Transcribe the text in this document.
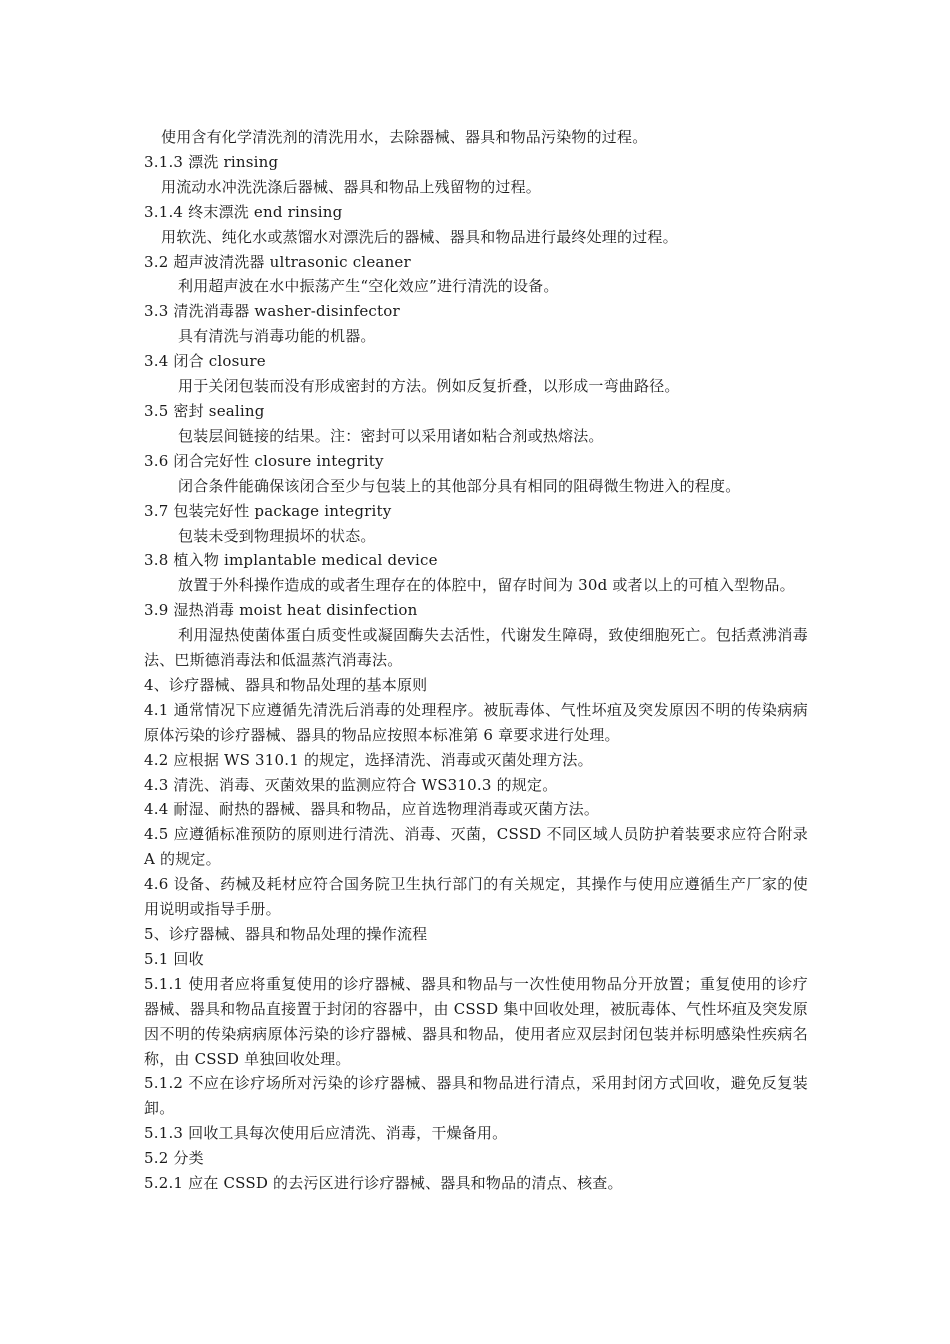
使用含有化学清洗剂的清洗用水，去除器械、器具和物品污染物的过程。

3.1.3 漂洗 rinsing

用流动水冲洗洗涤后器械、器具和物品上残留物的过程。

3.1.4 终末漂洗 end rinsing

用软洗、纯化水或蒸馏水对漂洗后的器械、器具和物品进行最终处理的过程。

3.2 超声波清洗器 ultrasonic cleaner

利用超声波在水中振荡产生“空化效应”进行清洗的设备。

3.3 清洗消毒器 washer-disinfector

具有清洗与消毒功能的机器。

3.4 闭合 closure

用于关闭包装而没有形成密封的方法。例如反复折叠，以形成一弯曲路径。

3.5 密封 sealing

包装层间链接的结果。注：密封可以采用诸如粘合剂或热熔法。

3.6 闭合完好性 closure integrity

闭合条件能确保该闭合至少与包装上的其他部分具有相同的阻碍微生物进入的程度。

3.7 包装完好性 package integrity

包装未受到物理损坏的状态。

3.8 植入物 implantable medical device

放置于外科操作造成的或者生理存在的体腔中，留存时间为 30d 或者以上的可植入型物品。

3.9 湿热消毒 moist heat disinfection

利用湿热使菌体蛋白质变性或凝固酶失去活性，代谢发生障碍，致使细胞死亡。包括煮沸消毒法、巴斯德消毒法和低温蒸汽消毒法。

4、诊疗器械、器具和物品处理的基本原则

4.1 通常情况下应遵循先清洗后消毒的处理程序。被朊毒体、气性坏疽及突发原因不明的传染病病原体污染的诊疗器械、器具的物品应按照本标准第 6 章要求进行处理。

4.2 应根据 WS 310.1 的规定，选择清洗、消毒或灭菌处理方法。

4.3 清洗、消毒、灭菌效果的监测应符合 WS310.3 的规定。

4.4 耐湿、耐热的器械、器具和物品，应首选物理消毒或灭菌方法。

4.5 应遵循标准预防的原则进行清洗、消毒、灭菌，CSSD 不同区域人员防护着装要求应符合附录 A 的规定。

4.6 设备、药械及耗材应符合国务院卫生执行部门的有关规定，其操作与使用应遵循生产厂家的使用说明或指导手册。

5、诊疗器械、器具和物品处理的操作流程

5.1 回收

5.1.1 使用者应将重复使用的诊疗器械、器具和物品与一次性使用物品分开放置；重复使用的诊疗器械、器具和物品直接置于封闭的容器中，由 CSSD 集中回收处理，被朊毒体、气性坏疽及突发原因不明的传染病病原体污染的诊疗器械、器具和物品，使用者应双层封闭包装并标明感染性疾病名称，由 CSSD 单独回收处理。

5.1.2 不应在诊疗场所对污染的诊疗器械、器具和物品进行清点，采用封闭方式回收，避免反复装卸。

5.1.3 回收工具每次使用后应清洗、消毒，干燥备用。

5.2 分类

5.2.1 应在 CSSD 的去污区进行诊疗器械、器具和物品的清点、核查。
